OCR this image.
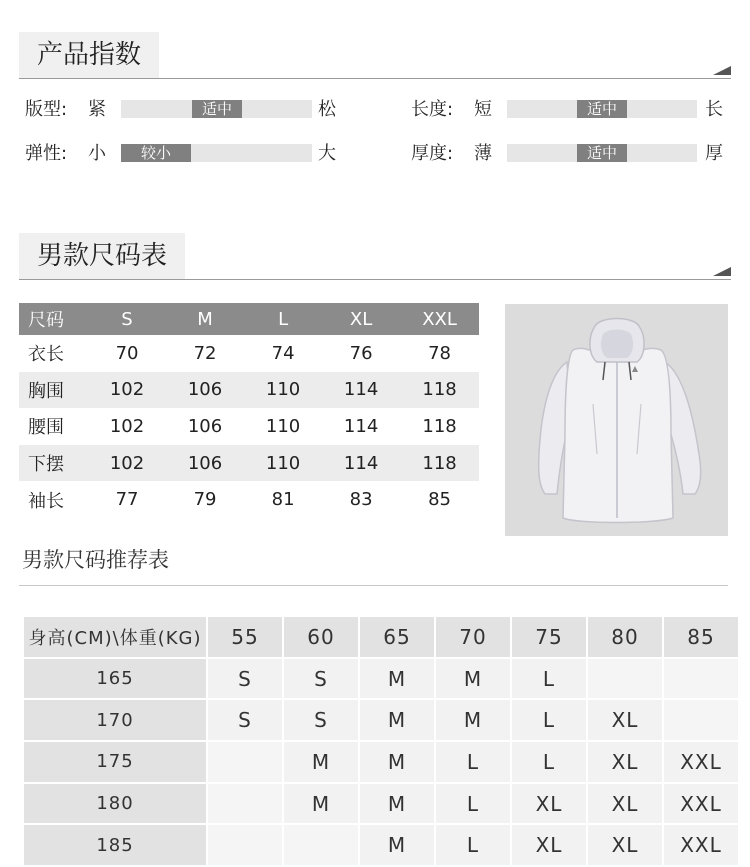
产品指数
版型: 紧	适中	松
弹性: 小	较小	大
长度: 短	适中	长
厚度: 薄	适中	厚
男款尺码表
尺码	S	M	L	XL	XXL
衣长	70	72	74	76	78
胸围	102	106	110	114	118
腰围	102	106	110	114	118
下摆	102	106	110	114	118
袖长	77	79	81	83	85
男款尺码推荐表
身高(CM)\体重(KG)	55	60	65	70	75	80	85
165	S	S	M	M	L		
170	S	S	M	M	L	XL	
175		M	M	L	L	XL	XXL
180		M	M	L	XL	XL	XXL
185			M	L	XL	XL	XXL
